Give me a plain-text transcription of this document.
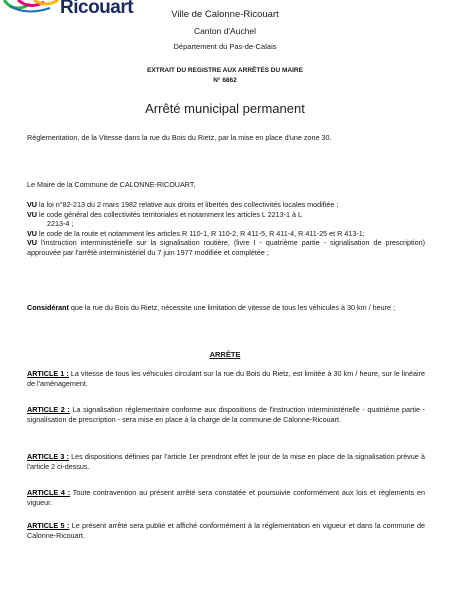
Ricouart	Ville de Calonne-Ricouart
Canton d'Auchel
Département du Pas-de-Calais
EXTRAIT DU REGISTRE AUX ARRÊTÉS DU MAIRE
N° 6862
Arrêté municipal permanent
Réglementation, de la Vitesse dans la rue du Bois du Rietz, par la mise en place d'une zone 30.
Le Maire de la Commune de CALONNE-RICOUART,

VU la loi n°82-213 du 2 mars 1982 relative aux droits et libertés des collectivités locales modifiée ;

VU le code général des collectivités territoriales et notamment les articles L 2213-1 à L

2213-4 ;

VU le code de la route et notamment les articles R 110-1, R 110-2, R 411-5, R 411-4, R 411-25 et R 413-1;

VU l'instruction interministérielle sur la signalisation routière, (livre I - quatrième partie - signalisation de prescription) approuvée par l'arrêté interministériel du 7 juin 1977 modifiée et complétée ;

Considérant que la rue du Bois du Rietz, nécessite une limitation de vitesse de tous les véhicules à 30 km / heure ;
ARRÊTE
ARTICLE 1 : La vitesse de tous les véhicules circulant sur la rue du Bois du Rietz, est limitée à 30 km / heure, sur le linéaire de l'aménagement.
ARTICLE 2 : La signalisation réglementaire conforme aux dispositions de l'instruction interministérielle - quatrième partie - signalisation de prescription - sera mise en place à la charge de la commune de Calonne-Ricouart.
ARTICLE 3 : Les dispositions définies par l'article 1er prendront effet le jour de la mise en place de la signalisation prévue à l'article 2 ci-dessus.
ARTICLE 4 : Toute contravention au présent arrêté sera constatée et poursuivie conformément aux lois et règlements en vigueur.
ARTICLE 5 : Le présent arrêté sera publié et affiché conformément à la réglementation en vigueur et dans la commune de Calonne-Ricouart.
